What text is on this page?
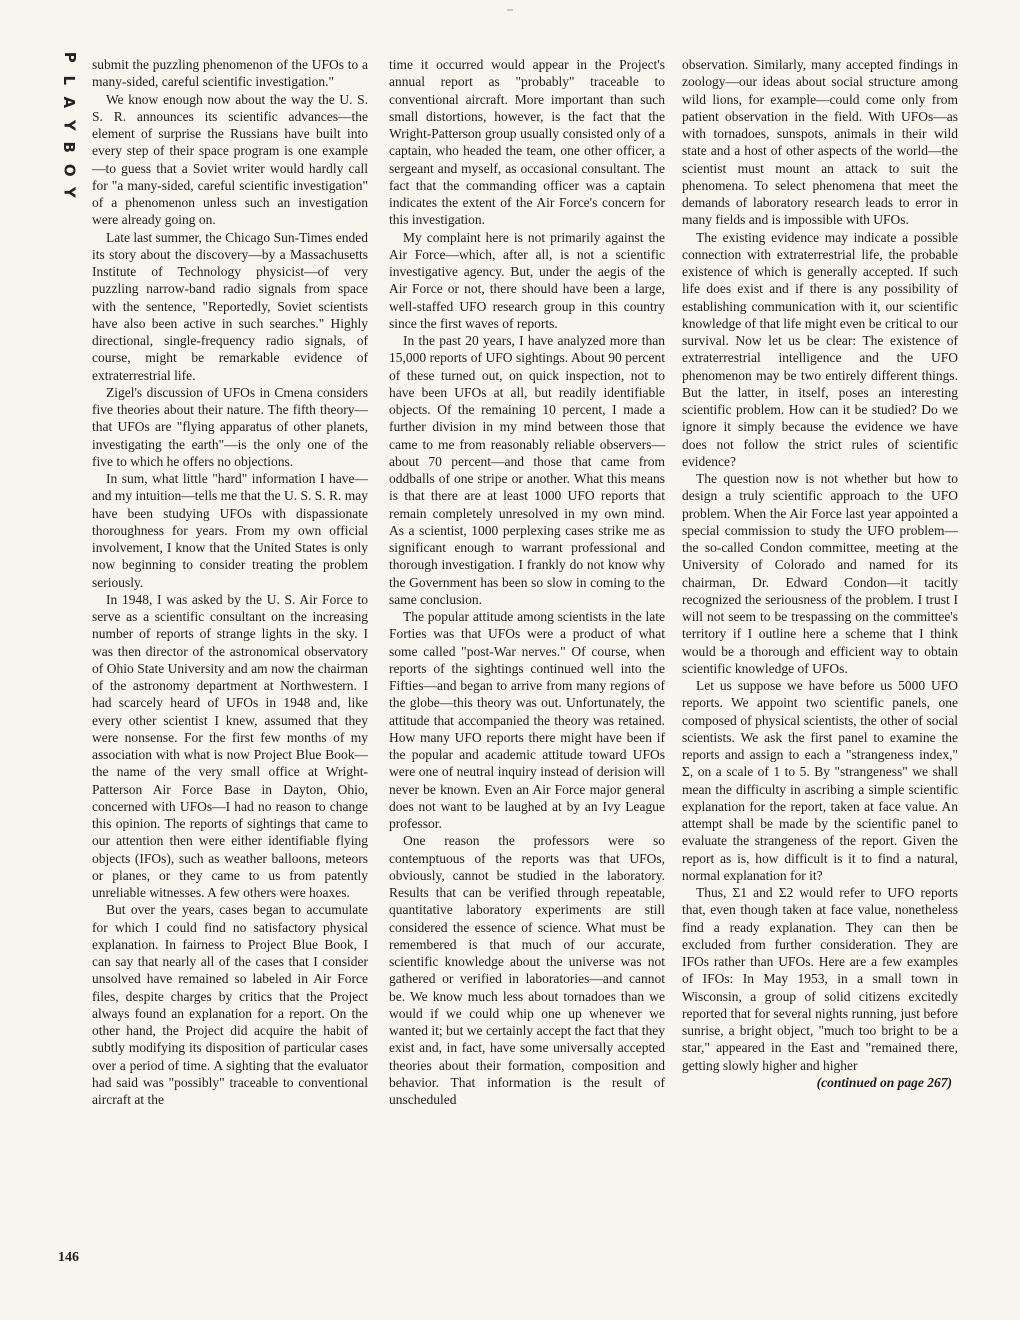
P
L
A
Y
B
O
Y
146

submit the puzzling phenomenon of the UFOs to a many-sided, careful scientific investigation."

We know enough now about the way the U. S. S. R. announces its scientific advances—the element of surprise the Russians have built into every step of their space program is one example—to guess that a Soviet writer would hardly call for "a many-sided, careful scientific investigation" of a phenomenon unless such an investigation were already going on.

Late last summer, the Chicago Sun-Times ended its story about the discovery—by a Massachusetts Institute of Technology physicist—of very puzzling narrow-band radio signals from space with the sentence, "Reportedly, Soviet scientists have also been active in such searches." Highly directional, single-frequency radio signals, of course, might be remarkable evidence of extraterrestrial life.

Zigel's discussion of UFOs in Cmena considers five theories about their nature. The fifth theory—that UFOs are "flying apparatus of other planets, investigating the earth"—is the only one of the five to which he offers no objections.

In sum, what little "hard" information I have—and my intuition—tells me that the U. S. S. R. may have been studying UFOs with dispassionate thoroughness for years. From my own official involvement, I know that the United States is only now beginning to consider treating the problem seriously.

In 1948, I was asked by the U. S. Air Force to serve as a scientific consultant on the increasing number of reports of strange lights in the sky. I was then director of the astronomical observatory of Ohio State University and am now the chairman of the astronomy department at Northwestern. I had scarcely heard of UFOs in 1948 and, like every other scientist I knew, assumed that they were nonsense. For the first few months of my association with what is now Project Blue Book—the name of the very small office at Wright-Patterson Air Force Base in Dayton, Ohio, concerned with UFOs—I had no reason to change this opinion. The reports of sightings that came to our attention then were either identifiable flying objects (IFOs), such as weather balloons, meteors or planes, or they came to us from patently unreliable witnesses. A few others were hoaxes.

But over the years, cases began to accumulate for which I could find no satisfactory physical explanation. In fairness to Project Blue Book, I can say that nearly all of the cases that I consider unsolved have remained so labeled in Air Force files, despite charges by critics that the Project always found an explanation for a report. On the other hand, the Project did acquire the habit of subtly modifying its disposition of particular cases over a period of time. A sighting that the evaluator had said was "possibly" traceable to conventional aircraft at the

time it occurred would appear in the Project's annual report as "probably" traceable to conventional aircraft. More important than such small distortions, however, is the fact that the Wright-Patterson group usually consisted only of a captain, who headed the team, one other officer, a sergeant and myself, as occasional consultant. The fact that the commanding officer was a captain indicates the extent of the Air Force's concern for this investigation.

My complaint here is not primarily against the Air Force—which, after all, is not a scientific investigative agency. But, under the aegis of the Air Force or not, there should have been a large, well-staffed UFO research group in this country since the first waves of reports.

In the past 20 years, I have analyzed more than 15,000 reports of UFO sightings. About 90 percent of these turned out, on quick inspection, not to have been UFOs at all, but readily identifiable objects. Of the remaining 10 percent, I made a further division in my mind between those that came to me from reasonably reliable observers—about 70 percent—and those that came from oddballs of one stripe or another. What this means is that there are at least 1000 UFO reports that remain completely unresolved in my own mind. As a scientist, 1000 perplexing cases strike me as significant enough to warrant professional and thorough investigation. I frankly do not know why the Government has been so slow in coming to the same conclusion.

The popular attitude among scientists in the late Forties was that UFOs were a product of what some called "post-War nerves." Of course, when reports of the sightings continued well into the Fifties—and began to arrive from many regions of the globe—this theory was out. Unfortunately, the attitude that accompanied the theory was retained. How many UFO reports there might have been if the popular and academic attitude toward UFOs were one of neutral inquiry instead of derision will never be known. Even an Air Force major general does not want to be laughed at by an Ivy League professor.

One reason the professors were so contemptuous of the reports was that UFOs, obviously, cannot be studied in the laboratory. Results that can be verified through repeatable, quantitative laboratory experiments are still considered the essence of science. What must be remembered is that much of our accurate, scientific knowledge about the universe was not gathered or verified in laboratories—and cannot be. We know much less about tornadoes than we would if we could whip one up whenever we wanted it; but we certainly accept the fact that they exist and, in fact, have some universally accepted theories about their formation, composition and behavior. That information is the result of unscheduled

observation. Similarly, many accepted findings in zoology—our ideas about social structure among wild lions, for example—could come only from patient observation in the field. With UFOs—as with tornadoes, sunspots, animals in their wild state and a host of other aspects of the world—the scientist must mount an attack to suit the phenomena. To select phenomena that meet the demands of laboratory research leads to error in many fields and is impossible with UFOs.

The existing evidence may indicate a possible connection with extraterrestrial life, the probable existence of which is generally accepted. If such life does exist and if there is any possibility of establishing communication with it, our scientific knowledge of that life might even be critical to our survival. Now let us be clear: The existence of extraterrestrial intelligence and the UFO phenomenon may be two entirely different things. But the latter, in itself, poses an interesting scientific problem. How can it be studied? Do we ignore it simply because the evidence we have does not follow the strict rules of scientific evidence?

The question now is not whether but how to design a truly scientific approach to the UFO problem. When the Air Force last year appointed a special commission to study the UFO problem—the so-called Condon committee, meeting at the University of Colorado and named for its chairman, Dr. Edward Condon—it tacitly recognized the seriousness of the problem. I trust I will not seem to be trespassing on the committee's territory if I outline here a scheme that I think would be a thorough and efficient way to obtain scientific knowledge of UFOs.

Let us suppose we have before us 5000 UFO reports. We appoint two scientific panels, one composed of physical scientists, the other of social scientists. We ask the first panel to examine the reports and assign to each a "strangeness index," Σ, on a scale of 1 to 5. By "strangeness" we shall mean the difficulty in ascribing a simple scientific explanation for the report, taken at face value. An attempt shall be made by the scientific panel to evaluate the strangeness of the report. Given the report as is, how difficult is it to find a natural, normal explanation for it?

Thus, Σ1 and Σ2 would refer to UFO reports that, even though taken at face value, nonetheless find a ready explanation. They can then be excluded from further consideration. They are IFOs rather than UFOs. Here are a few examples of IFOs: In May 1953, in a small town in Wisconsin, a group of solid citizens excitedly reported that for several nights running, just before sunrise, a bright object, "much too bright to be a star," appeared in the East and "remained there, getting slowly higher and higher

(continued on page 267)
